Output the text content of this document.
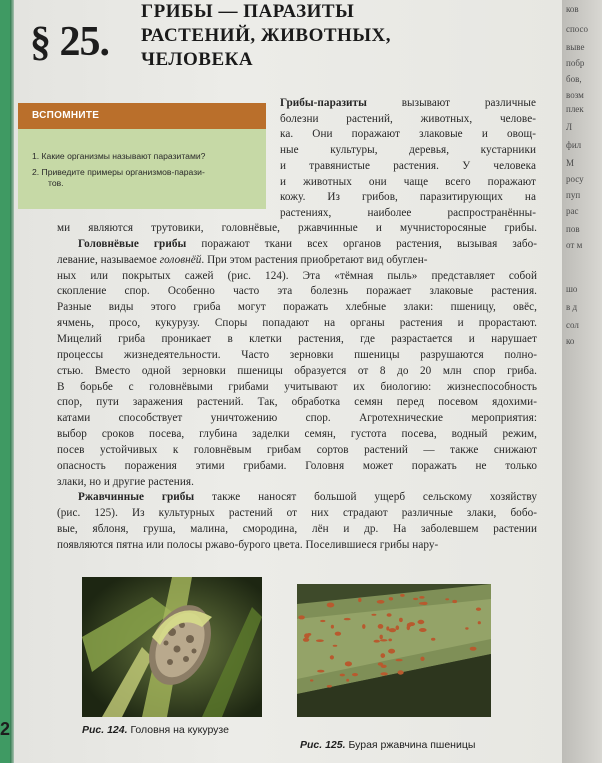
ков
спосо
выве
побр
бов,
возм
плек
Л
фил
М
росу
пуп
рас
пов
от м
шо
в д
сол
ко
§ 25.
ГРИБЫ — ПАРАЗИТЫ
РАСТЕНИЙ, ЖИВОТНЫХ,
ЧЕЛОВЕКА
ВСПОМНИТЕ
1. Какие организмы называют паразитами?
2. Приведите примеры организмов-парази-
тов.
Грибы-паразиты вызывают различные
болезни растений, животных, челове-
ка. Они поражают злаковые и овощ-
ные культуры, деревья, кустарники
и травянистые растения. У человека
и животных они чаще всего поражают
кожу. Из грибов, паразитирующих на
растениях, наиболее распространённы-
ми являются трутовики, головнёвые, ржавчинные и мучнисторосяные грибы.
Головнёвые грибы поражают ткани всех органов растения, вызывая забо-
левание, называемое головнёй. При этом растения приобретают вид обуглен-
ных или покрытых сажей (рис. 124). Эта «тёмная пыль» представляет собой
скопление спор. Особенно часто эта болезнь поражает злаковые растения.
Разные виды этого гриба могут поражать хлебные злаки: пшеницу, овёс,
ячмень, просо, кукурузу. Споры попадают на органы растения и прорастают.
Мицелий гриба проникает в клетки растения, где разрастается и нарушает
процессы жизнедеятельности. Часто зерновки пшеницы разрушаются полно-
стью. Вместо одной зерновки пшеницы образуется от 8 до 20 млн спор гриба.
В борьбе с головнёвыми грибами учитывают их биологию: жизнеспособность
спор, пути заражения растений. Так, обработка семян перед посевом ядохими-
катами способствует уничтожению спор. Агротехнические мероприятия:
выбор сроков посева, глубина заделки семян, густота посева, водный режим,
посев устойчивых к головнёвым грибам сортов растений — также снижают
опасность поражения этими грибами. Головня может поражать не только
злаки, но и другие растения.
Ржавчинные грибы также наносят большой ущерб сельскому хозяйству
(рис. 125). Из культурных растений от них страдают различные злаки, бобо-
вые, яблоня, груша, малина, смородина, лён и др. На заболевшем растении
появляются пятна или полосы ржаво-бурого цвета. Поселившиеся грибы нару-
Рис. 124. Головня на кукурузе
Рис. 125. Бурая ржавчина пшеницы
2
